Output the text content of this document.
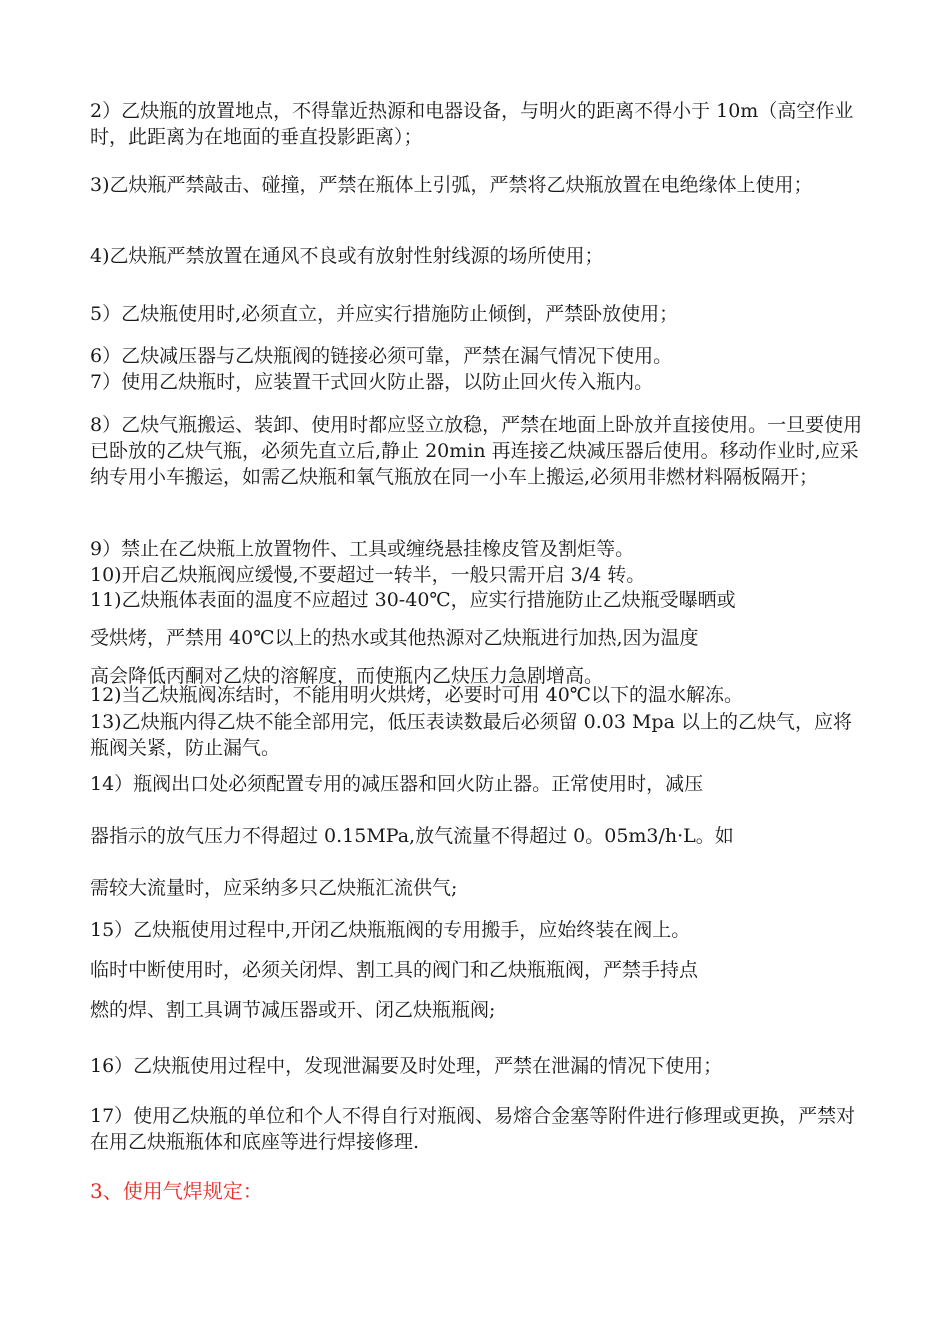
2）乙炔瓶的放置地点，不得靠近热源和电器设备，与明火的距离不得小于 10m（高空作业时，此距离为在地面的垂直投影距离）；

3)乙炔瓶严禁敲击、碰撞，严禁在瓶体上引弧，严禁将乙炔瓶放置在电绝缘体上使用；

4)乙炔瓶严禁放置在通风不良或有放射性射线源的场所使用；

5）乙炔瓶使用时,必须直立，并应实行措施防止倾倒，严禁卧放使用；

6）乙炔减压器与乙炔瓶阀的链接必须可靠，严禁在漏气情况下使用。

7）使用乙炔瓶时，应装置干式回火防止器，以防止回火传入瓶内。

8）乙炔气瓶搬运、装卸、使用时都应竖立放稳，严禁在地面上卧放并直接使用。一旦要使用已卧放的乙炔气瓶，必须先直立后,静止 20min 再连接乙炔减压器后使用。移动作业时,应采纳专用小车搬运，如需乙炔瓶和氧气瓶放在同一小车上搬运,必须用非燃材料隔板隔开；

9）禁止在乙炔瓶上放置物件、工具或缠绕悬挂橡皮管及割炬等。

10)开启乙炔瓶阀应缓慢,不要超过一转半，一般只需开启 3/4 转。

11)乙炔瓶体表面的温度不应超过 30-40℃，应实行措施防止乙炔瓶受曝晒或
受烘烤，严禁用 40℃以上的热水或其他热源对乙炔瓶进行加热,因为温度
高会降低丙酮对乙炔的溶解度，而使瓶内乙炔压力急剧增高。

12)当乙炔瓶阀冻结时，不能用明火烘烤，必要时可用 40℃以下的温水解冻。

13)乙炔瓶内得乙炔不能全部用完，低压表读数最后必须留 0.03 Mpa 以上的乙炔气，应将瓶阀关紧，防止漏气。

14）瓶阀出口处必须配置专用的减压器和回火防止器。正常使用时，减压
器指示的放气压力不得超过 0.15MPa,放气流量不得超过 0。05m3/h·L。如
需较大流量时，应采纳多只乙炔瓶汇流供气;
15）乙炔瓶使用过程中,开闭乙炔瓶瓶阀的专用搬手，应始终装在阀上。
临时中断使用时，必须关闭焊、割工具的阀门和乙炔瓶瓶阀，严禁手持点
燃的焊、割工具调节减压器或开、闭乙炔瓶瓶阀;

16）乙炔瓶使用过程中，发现泄漏要及时处理，严禁在泄漏的情况下使用；

17）使用乙炔瓶的单位和个人不得自行对瓶阀、易熔合金塞等附件进行修理或更换，严禁对在用乙炔瓶瓶体和底座等进行焊接修理.

3、使用气焊规定：
